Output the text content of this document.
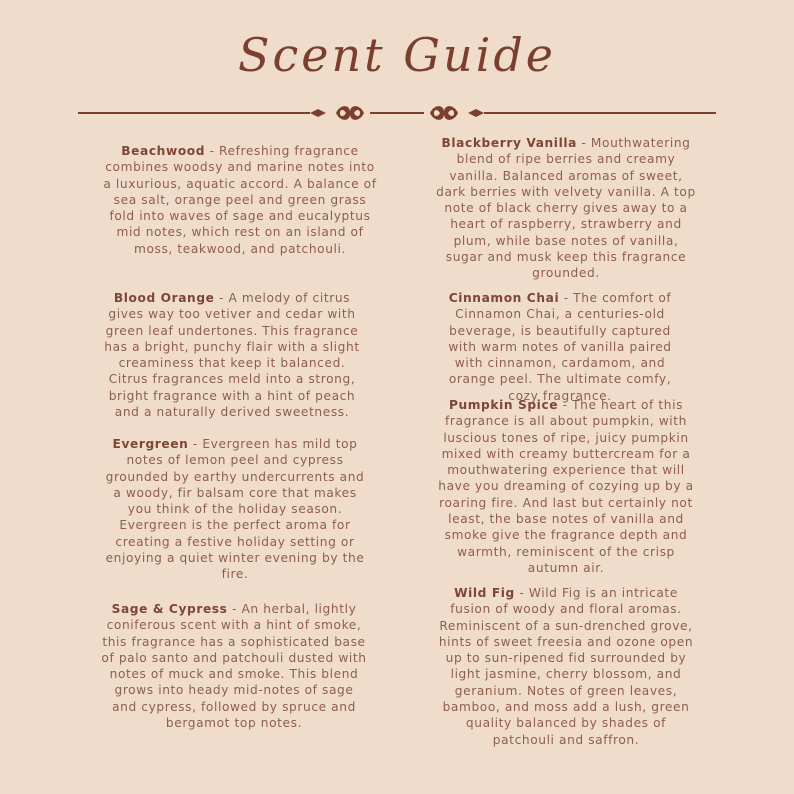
Scent Guide
Beachwood - Refreshing fragrance combines woodsy and marine notes into a luxurious, aquatic accord. A balance of sea salt, orange peel and green grass fold into waves of sage and eucalyptus mid notes, which rest on an island of moss, teakwood, and patchouli.
Blood Orange - A melody of citrus gives way too vetiver and cedar with green leaf undertones. This fragrance has a bright, punchy flair with a slight creaminess that keep it balanced. Citrus fragrances meld into a strong, bright fragrance with a hint of peach and a naturally derived sweetness.
Evergreen - Evergreen has mild top notes of lemon peel and cypress grounded by earthy undercurrents and a woody, fir balsam core that makes you think of the holiday season. Evergreen is the perfect aroma for creating a festive holiday setting or enjoying a quiet winter evening by the fire.
Sage & Cypress - An herbal, lightly coniferous scent with a hint of smoke, this fragrance has a sophisticated base of palo santo and patchouli dusted with notes of muck and smoke. This blend grows into heady mid-notes of sage and cypress, followed by spruce and bergamot top notes.
Blackberry Vanilla - Mouthwatering blend of ripe berries and creamy vanilla. Balanced aromas of sweet, dark berries with velvety vanilla. A top note of black cherry gives away to a heart of raspberry, strawberry and plum, while base notes of vanilla, sugar and musk keep this fragrance grounded.
Cinnamon Chai - The comfort of Cinnamon Chai, a centuries-old beverage, is beautifully captured with warm notes of vanilla paired with cinnamon, cardamom, and orange peel. The ultimate comfy, cozy fragrance.
Pumpkin Spice - The heart of this fragrance is all about pumpkin, with luscious tones of ripe, juicy pumpkin mixed with creamy buttercream for a mouthwatering experience that will have you dreaming of cozying up by a roaring fire. And last but certainly not least, the base notes of vanilla and smoke give the fragrance depth and warmth, reminiscent of the crisp autumn air.
Wild Fig - Wild Fig is an intricate fusion of woody and floral aromas. Reminiscent of a sun-drenched grove, hints of sweet freesia and ozone open up to sun-ripened fid surrounded by light jasmine, cherry blossom, and geranium. Notes of green leaves, bamboo, and moss add a lush, green quality balanced by shades of patchouli and saffron.
